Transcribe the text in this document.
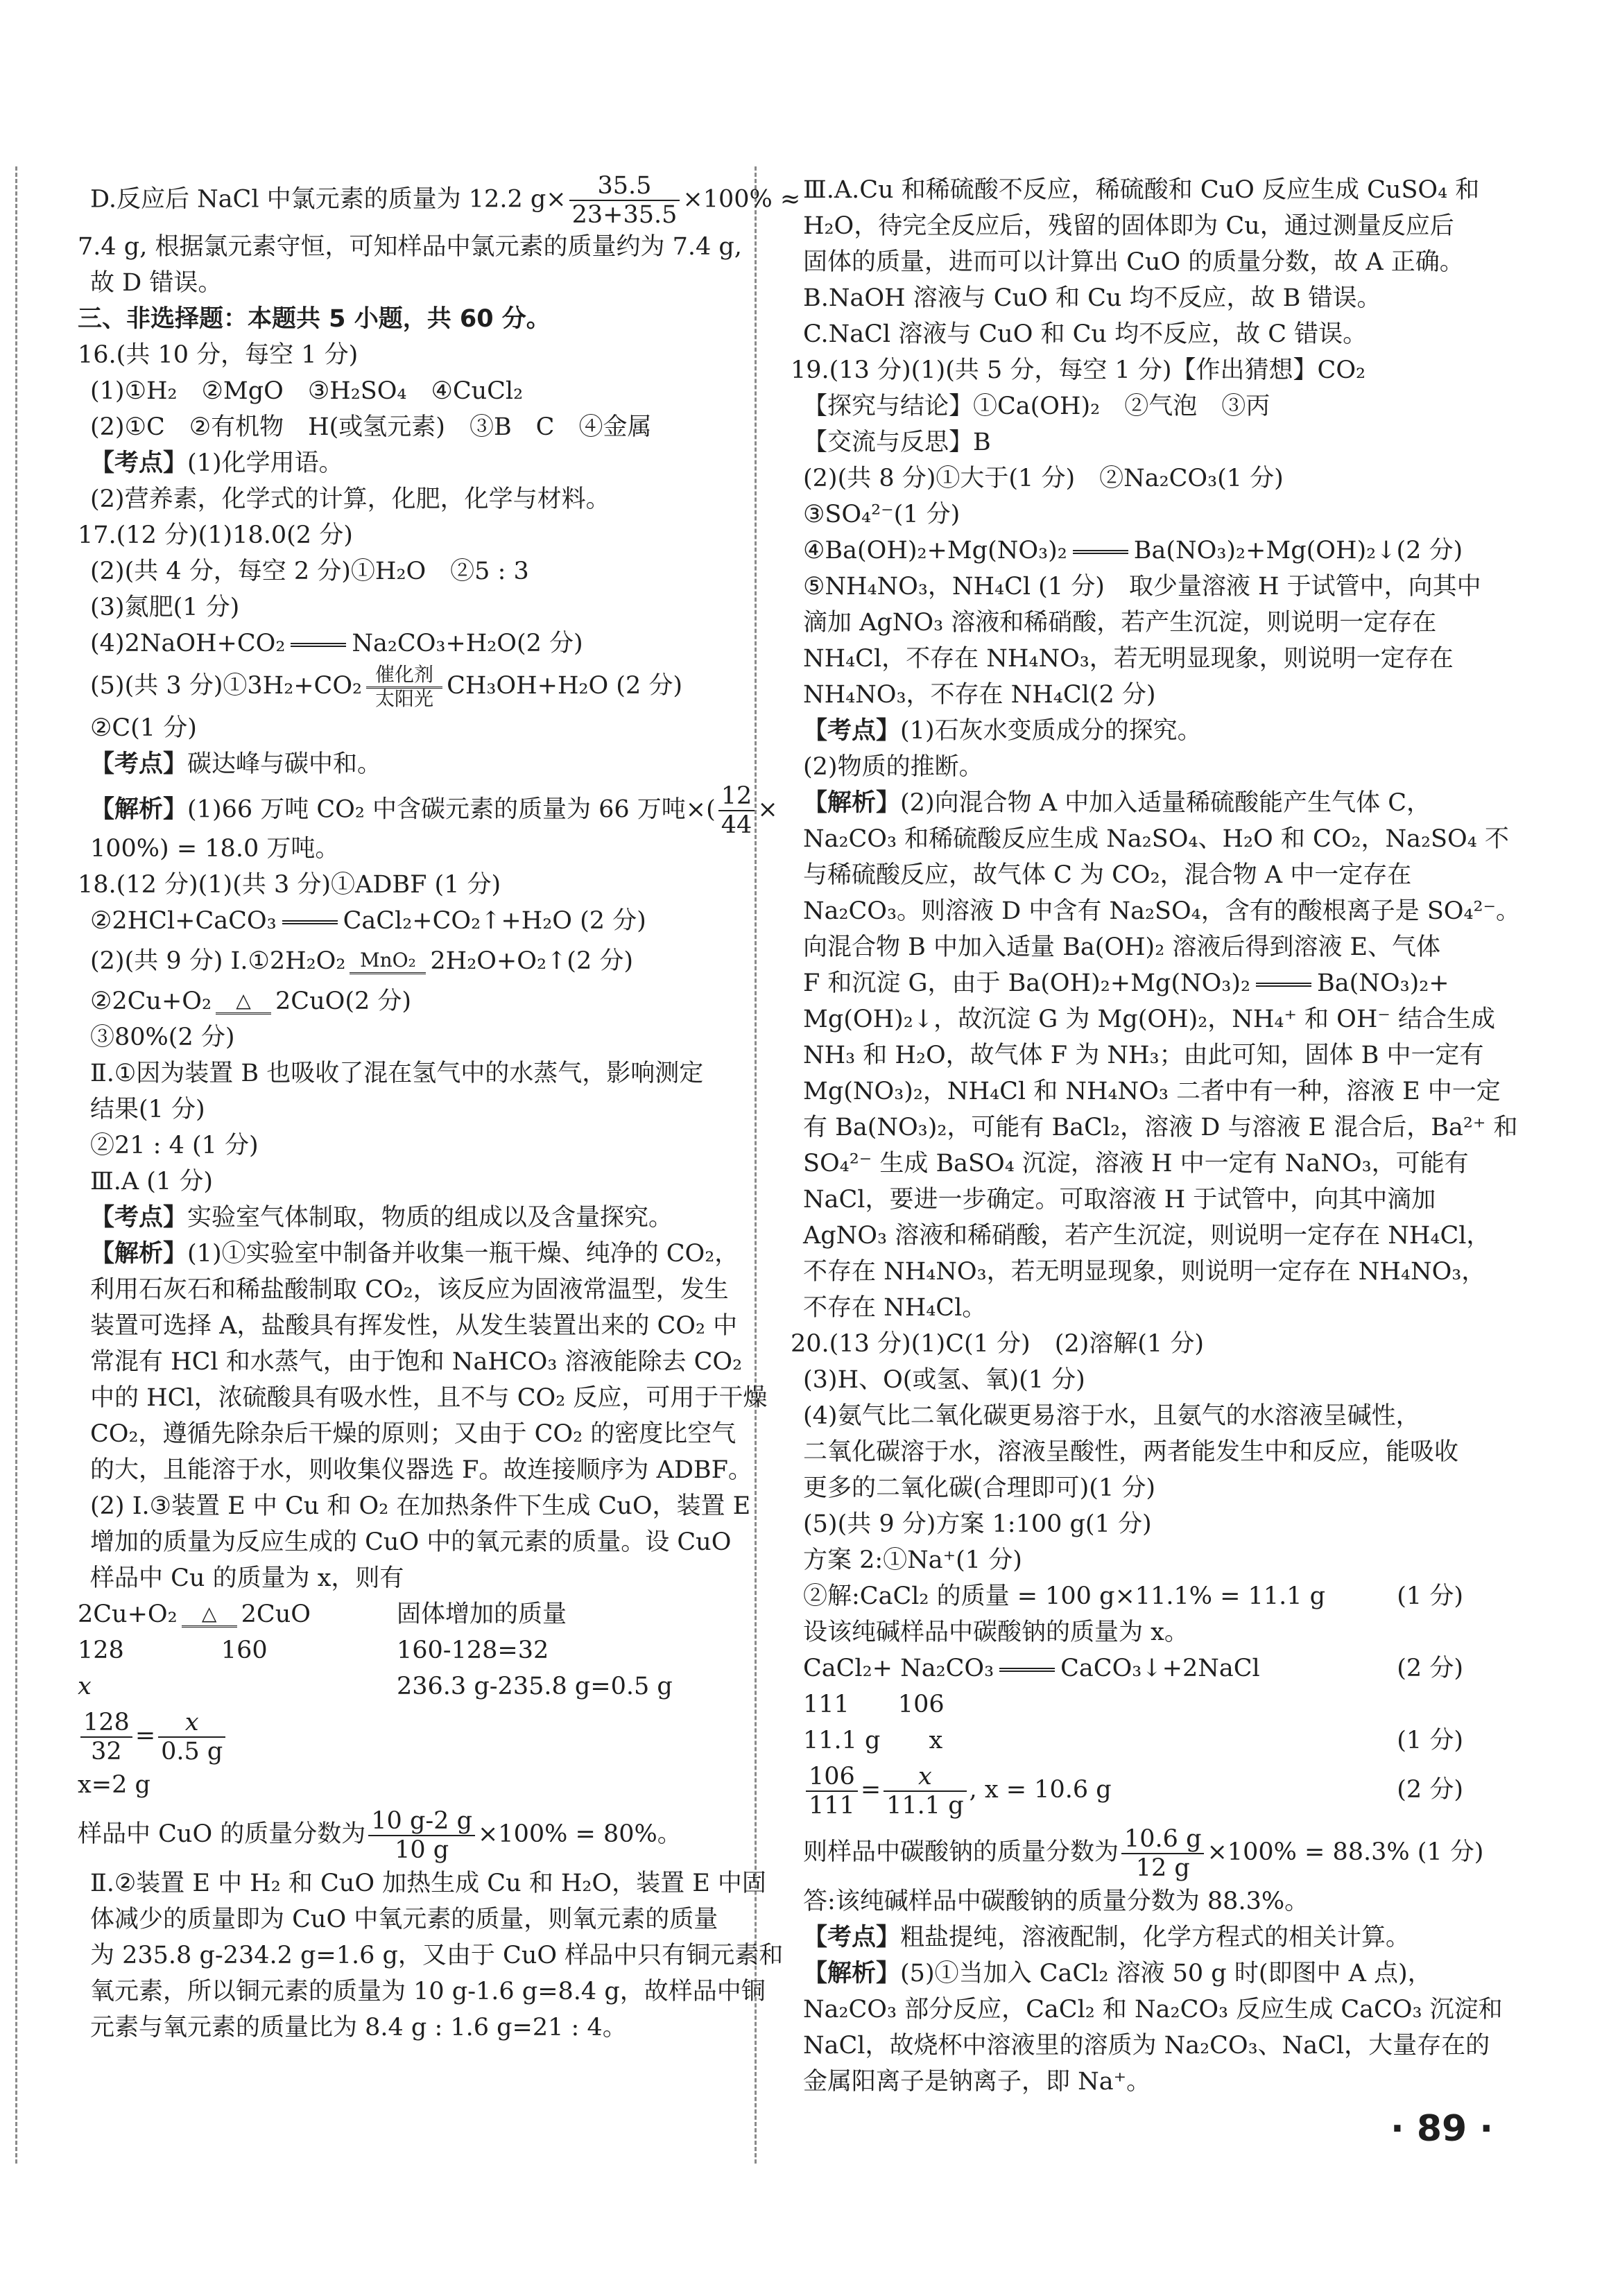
D.反应后 NaCl 中氯元素的质量为 12.2 $g\times \frac{35.5}{23+35.5} \times 100\%$ ≈
7.4 g, 根据氯元素守恒，可知样品中氯元素的质量约为 7.4 g,
故 D 错误。
三、非选择题：本题共 5 小题，共 60 分。
16.(共 10 分，每空 1 分)
(1)①H₂　②MgO　③H₂SO₄　④CuCl₂
(2)①C　②有机物　H(或氢元素)　③B　C　④金属
【考点】(1)化学用语。
(2)营养素，化学式的计算，化肥，化学与材料。
17.(12 分)(1)18.0(2 分)
(2)(共 4 分，每空 2 分)①H₂O　②5 : 3
(3)氮肥(1 分)
(4)2NaOH+CO₂	Na₂CO₃+H₂O(2 分)
(5)(共 3 分)①3H₂+CO₂ 催化剂
太阳光 CH₃OH+H₂O (2 分)
②C(1 分)
【考点】碳达峰与碳中和。
【解析】(1)66 万吨 CO₂ 中含碳元素的质量为 66 万吨×( $\frac{12}{44}$ ×
100%) = 18.0 万吨。
18.(12 分)(1)(共 3 分)①ADBF (1 分)
②2HCl+CaCO₃	CaCl₂+CO₂↑+H₂O (2 分)
(2)(共 9 分) Ⅰ.①2H₂O₂ MnO₂ 2H₂O+O₂↑(2 分)
②2Cu+O₂	△	2CuO(2 分)
③80%(2 分)
Ⅱ.①因为装置 B 也吸收了混在氢气中的水蒸气，影响测定
结果(1 分)
②21 : 4 (1 分)
Ⅲ.A (1 分)
【考点】实验室气体制取，物质的组成以及含量探究。
【解析】(1)①实验室中制备并收集一瓶干燥、纯净的 CO₂，
利用石灰石和稀盐酸制取 CO₂，该反应为固液常温型，发生
装置可选择 A，盐酸具有挥发性，从发生装置出来的 CO₂ 中
常混有 HCl 和水蒸气，由于饱和 NaHCO₃ 溶液能除去 CO₂
中的 HCl，浓硫酸具有吸水性，且不与 CO₂ 反应，可用于干燥
CO₂，遵循先除杂后干燥的原则；又由于 CO₂ 的密度比空气
的大，且能溶于水，则收集仪器选 F。故连接顺序为 ADBF。
(2) Ⅰ.③装置 E 中 Cu 和 O₂ 在加热条件下生成 CuO，装置 E
增加的质量为反应生成的 CuO 中的氧元素的质量。设 CuO
样品中 Cu 的质量为 x，则有
2Cu+O₂	△	2CuO	固体增加的质量
128　　　　160	160-128=32
x	236.3 g-235.8 g=0.5 g
$\frac{128}{32} = \frac{x}{0.5 g}$
x=2 g
样品中 CuO 的质量分数为 $\frac{10 g-2 g}{10 g} \times 100\% = 80\%$。
Ⅱ.②装置 E 中 H₂ 和 CuO 加热生成 Cu 和 H₂O，装置 E 中固
体减少的质量即为 CuO 中氧元素的质量，则氧元素的质量
为 235.8 g-234.2 g=1.6 g，又由于 CuO 样品中只有铜元素和
氧元素，所以铜元素的质量为 10 g-1.6 g=8.4 g，故样品中铜
元素与氧元素的质量比为 8.4 g : 1.6 g=21 : 4。
Ⅲ.A.Cu 和稀硫酸不反应，稀硫酸和 CuO 反应生成 CuSO₄ 和
H₂O，待完全反应后，残留的固体即为 Cu，通过测量反应后
固体的质量，进而可以计算出 CuO 的质量分数，故 A 正确。
B.NaOH 溶液与 CuO 和 Cu 均不反应，故 B 错误。
C.NaCl 溶液与 CuO 和 Cu 均不反应，故 C 错误。
19.(13 分)(1)(共 5 分，每空 1 分)【作出猜想】CO₂
【探究与结论】①Ca(OH)₂　②气泡　③丙
【交流与反思】B
(2)(共 8 分)①大于(1 分)　②Na₂CO₃(1 分)
③SO₄²⁻(1 分)
④Ba(OH)₂+Mg(NO₃)₂	Ba(NO₃)₂+Mg(OH)₂↓(2 分)
⑤NH₄NO₃，NH₄Cl (1 分)　取少量溶液 H 于试管中，向其中
滴加 AgNO₃ 溶液和稀硝酸，若产生沉淀，则说明一定存在
NH₄Cl，不存在 NH₄NO₃，若无明显现象，则说明一定存在
NH₄NO₃，不存在 NH₄Cl(2 分)
【考点】(1)石灰水变质成分的探究。
(2)物质的推断。
【解析】(2)向混合物 A 中加入适量稀硫酸能产生气体 C，
Na₂CO₃ 和稀硫酸反应生成 Na₂SO₄、H₂O 和 CO₂，Na₂SO₄ 不
与稀硫酸反应，故气体 C 为 CO₂，混合物 A 中一定存在
Na₂CO₃。则溶液 D 中含有 Na₂SO₄，含有的酸根离子是 SO₄²⁻。
向混合物 B 中加入适量 Ba(OH)₂ 溶液后得到溶液 E、气体
F 和沉淀 G，由于 Ba(OH)₂+Mg(NO₃)₂	Ba(NO₃)₂+
Mg(OH)₂↓，故沉淀 G 为 Mg(OH)₂，NH₄⁺ 和 OH⁻ 结合生成
NH₃ 和 H₂O，故气体 F 为 NH₃；由此可知，固体 B 中一定有
Mg(NO₃)₂，NH₄Cl 和 NH₄NO₃ 二者中有一种，溶液 E 中一定
有 Ba(NO₃)₂，可能有 BaCl₂，溶液 D 与溶液 E 混合后，Ba²⁺ 和
SO₄²⁻ 生成 BaSO₄ 沉淀，溶液 H 中一定有 NaNO₃，可能有
NaCl，要进一步确定。可取溶液 H 于试管中，向其中滴加
AgNO₃ 溶液和稀硝酸，若产生沉淀，则说明一定存在 NH₄Cl，
不存在 NH₄NO₃，若无明显现象，则说明一定存在 NH₄NO₃，
不存在 NH₄Cl。
20.(13 分)(1)C(1 分)　(2)溶解(1 分)
(3)H、O(或氢、氧)(1 分)
(4)氨气比二氧化碳更易溶于水，且氨气的水溶液呈碱性，
二氧化碳溶于水，溶液呈酸性，两者能发生中和反应，能吸收
更多的二氧化碳(合理即可)(1 分)
(5)(共 9 分)方案 1:100 g(1 分)
方案 2:①Na⁺(1 分)
②解:CaCl₂ 的质量 = 100 g×11.1% = 11.1 g	(1 分)
设该纯碱样品中碳酸钠的质量为 x。
CaCl₂+ Na₂CO₃	CaCO₃↓+2NaCl	(2 分)
111　　106
11.1 g　　x	(1 分)
$\frac{106}{111} = \frac{x}{11.1 g}$ , x = 10.6 g	(2 分)
则样品中碳酸钠的质量分数为 $\frac{10.6 g}{12 g} \times 100\% = 88.3\%$ (1 分)
答:该纯碱样品中碳酸钠的质量分数为 88.3%。
【考点】粗盐提纯，溶液配制，化学方程式的相关计算。
【解析】(5)①当加入 CaCl₂ 溶液 50 g 时(即图中 A 点)，
Na₂CO₃ 部分反应，CaCl₂ 和 Na₂CO₃ 反应生成 CaCO₃ 沉淀和
NaCl，故烧杯中溶液里的溶质为 Na₂CO₃、NaCl，大量存在的
金属阳离子是钠离子，即 Na⁺。
· 89 ·
